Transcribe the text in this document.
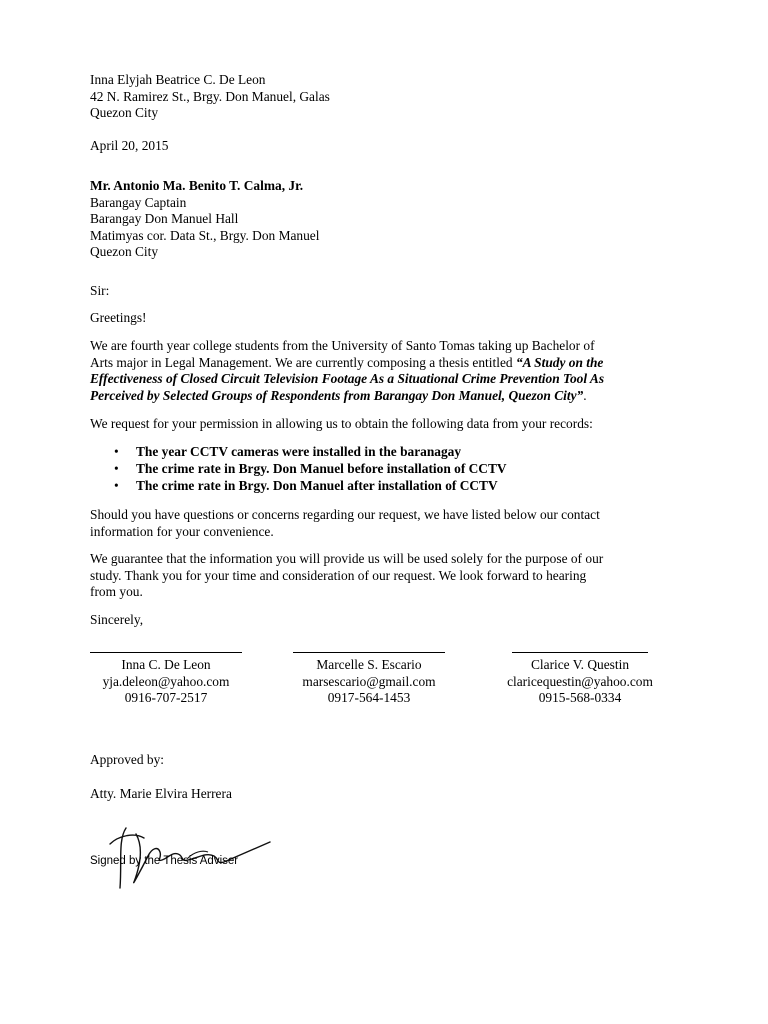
Inna Elyjah Beatrice C. De Leon
42 N. Ramirez St., Brgy. Don Manuel, Galas
Quezon City
April 20, 2015
Mr. Antonio Ma. Benito T. Calma, Jr.
Barangay Captain
Barangay Don Manuel Hall
Matimyas cor. Data St., Brgy. Don Manuel
Quezon City
Sir:
Greetings!
We are fourth year college students from the University of Santo Tomas taking up Bachelor of
Arts major in Legal Management. We are currently composing a thesis entitled “A Study on the
Effectiveness of Closed Circuit Television Footage As a Situational Crime Prevention Tool As
Perceived by Selected Groups of Respondents from Barangay Don Manuel, Quezon City”.
We request for your permission in allowing us to obtain the following data from your records:
• The year CCTV cameras were installed in the baranagay
• The crime rate in Brgy. Don Manuel before installation of CCTV
• The crime rate in Brgy. Don Manuel after installation of CCTV
Should you have questions or concerns regarding our request, we have listed below our contact
information for your convenience.
We guarantee that the information you will provide us will be used solely for the purpose of our
study. Thank you for your time and consideration of our request. We look forward to hearing
from you.
Sincerely,
Inna C. De Leon
yja.deleon@yahoo.com
0916-707-2517
Marcelle S. Escario
marsescario@gmail.com
0917-564-1453
Clarice V. Questin
claricequestin@yahoo.com
0915-568-0334
Approved by:
Atty. Marie Elvira Herrera
Signed by the Thesis Adviser
